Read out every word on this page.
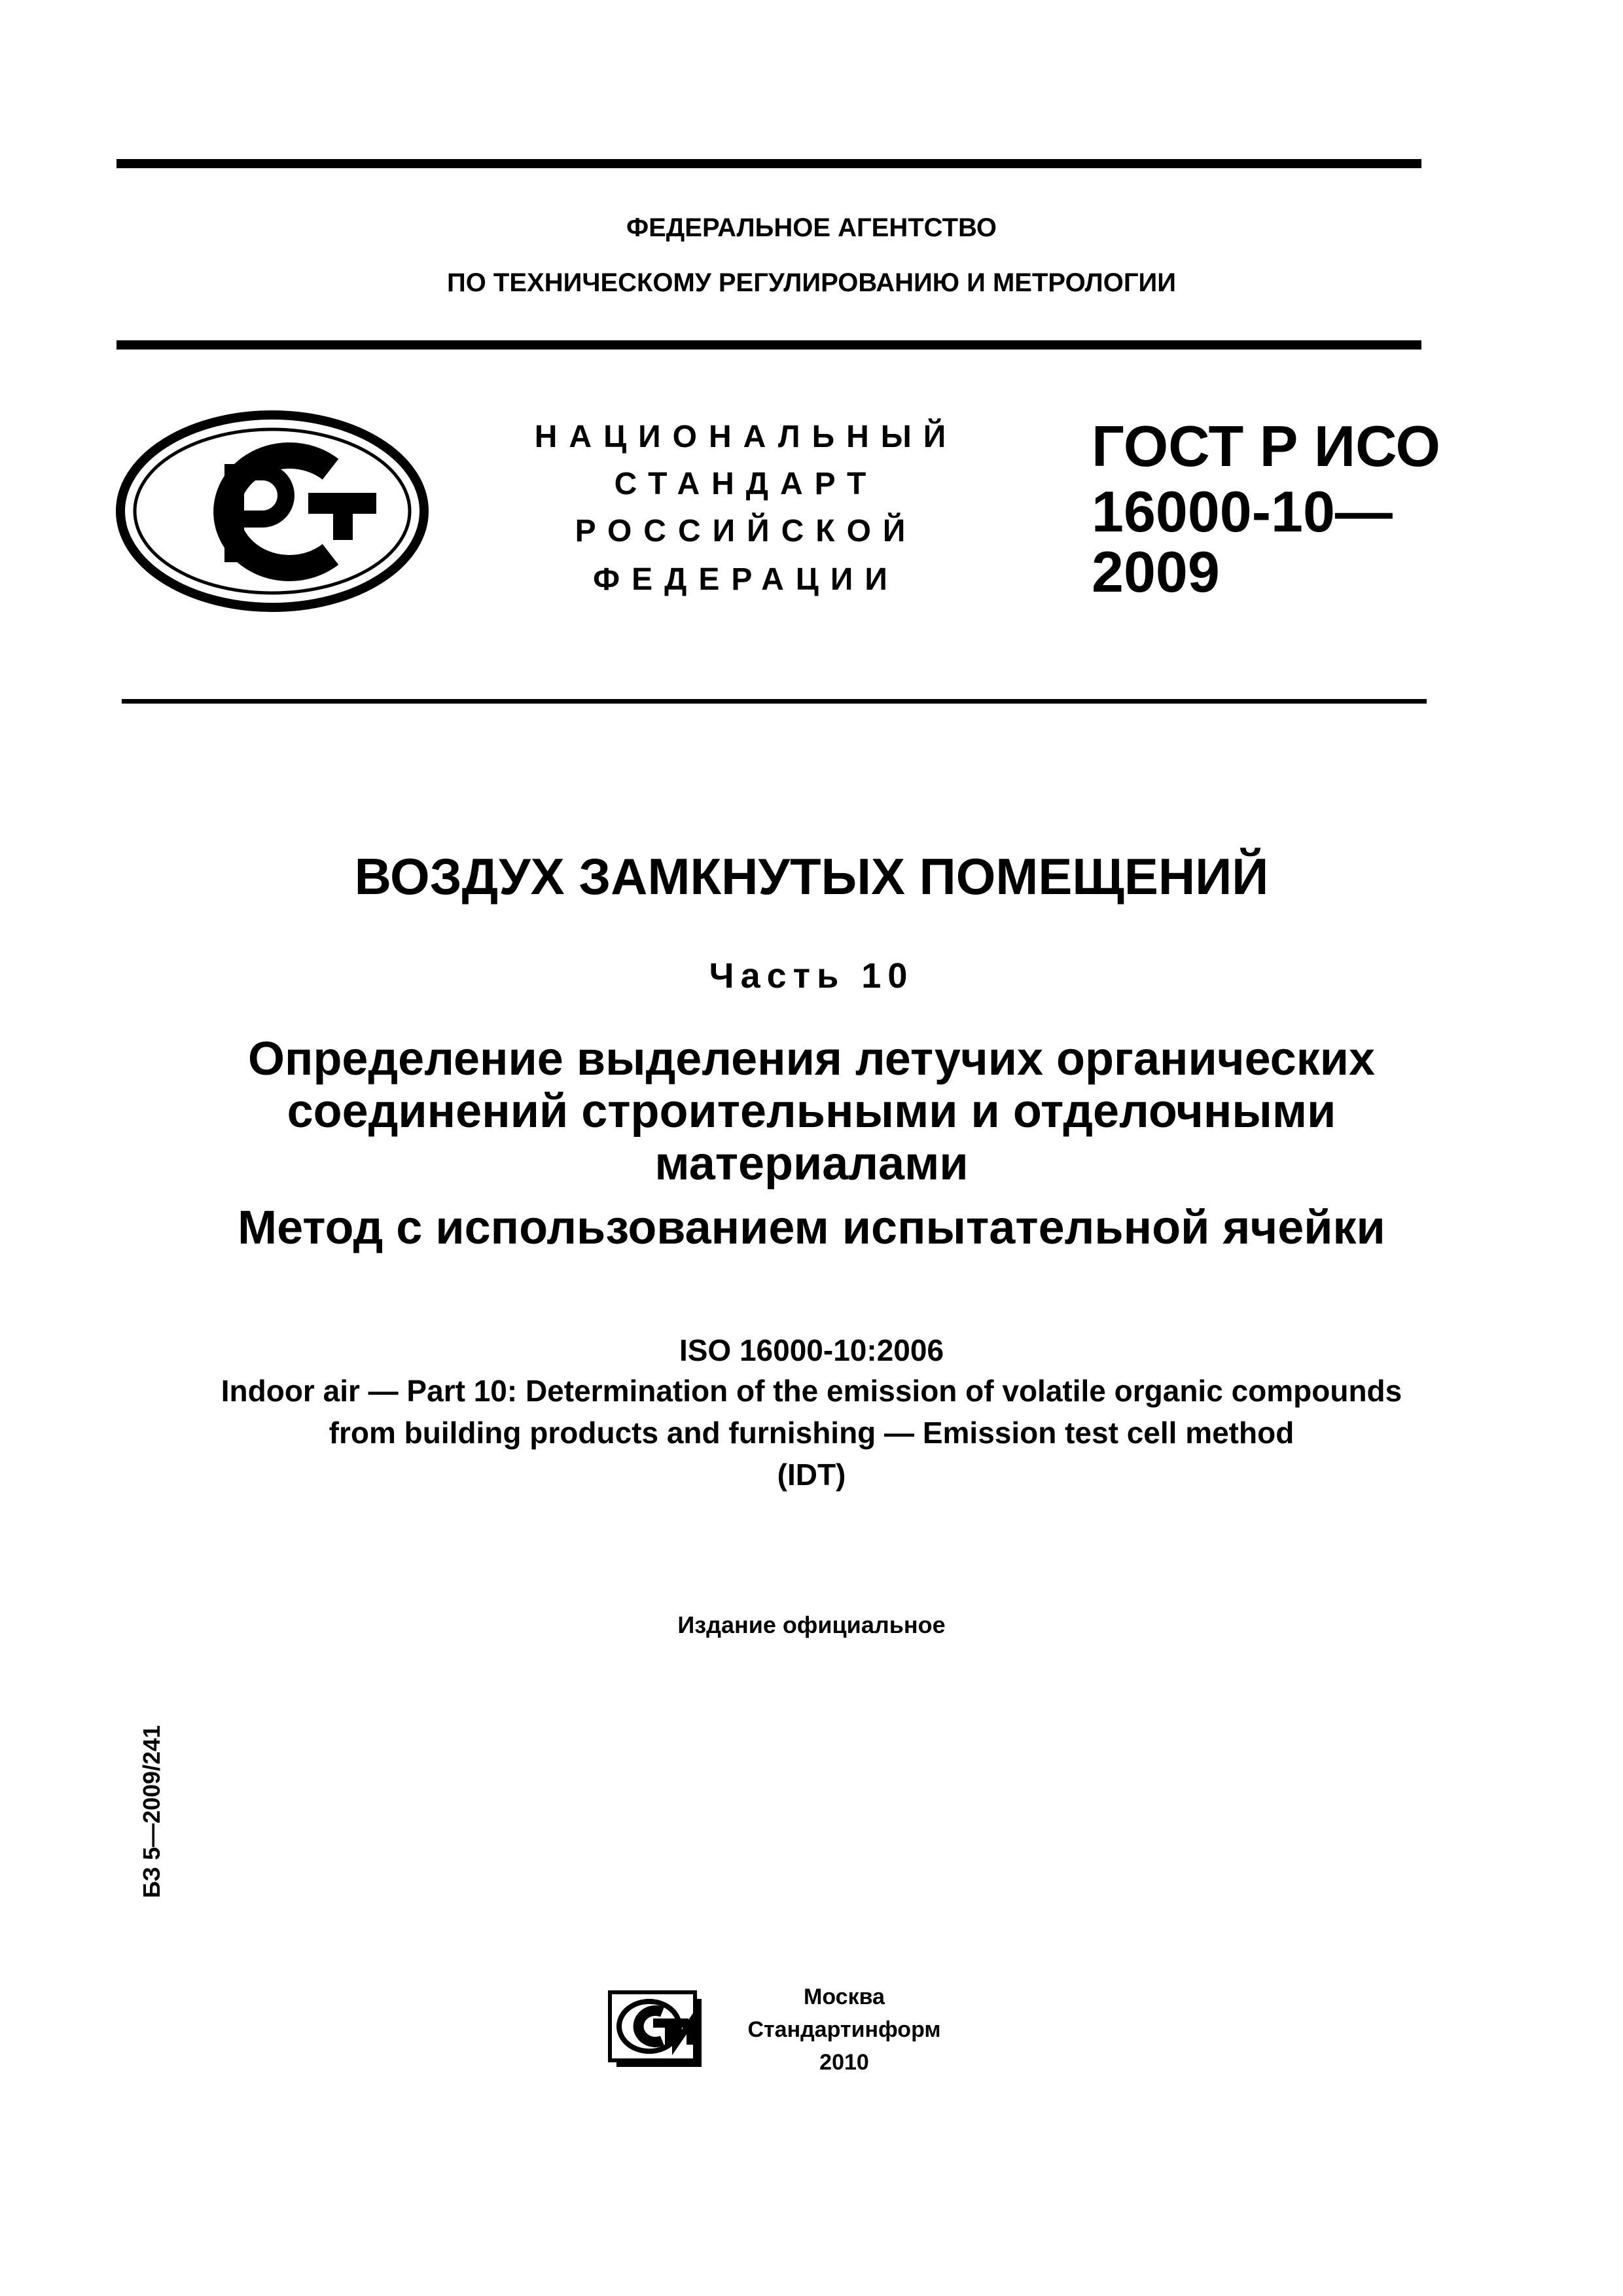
ФЕДЕРАЛЬНОЕ АГЕНТСТВО
ПО ТЕХНИЧЕСКОМУ РЕГУЛИРОВАНИЮ И МЕТРОЛОГИИ
НАЦИОНАЛЬНЫЙ
СТАНДАРТ
РОССИЙСКОЙ
ФЕДЕРАЦИИ
ГОСТ Р ИСО
16000-10—
2009
ВОЗДУХ ЗАМКНУТЫХ ПОМЕЩЕНИЙ
Часть 10
Определение выделения летучих органических
соединений строительными и отделочными
материалами
Метод с использованием испытательной ячейки
ISO 16000-10:2006
Indoor air — Part 10: Determination of the emission of volatile organic compounds
from building products and furnishing — Emission test cell method
(IDT)
Издание официальное
БЗ 5—2009/241
Москва
Стандартинформ
2010
